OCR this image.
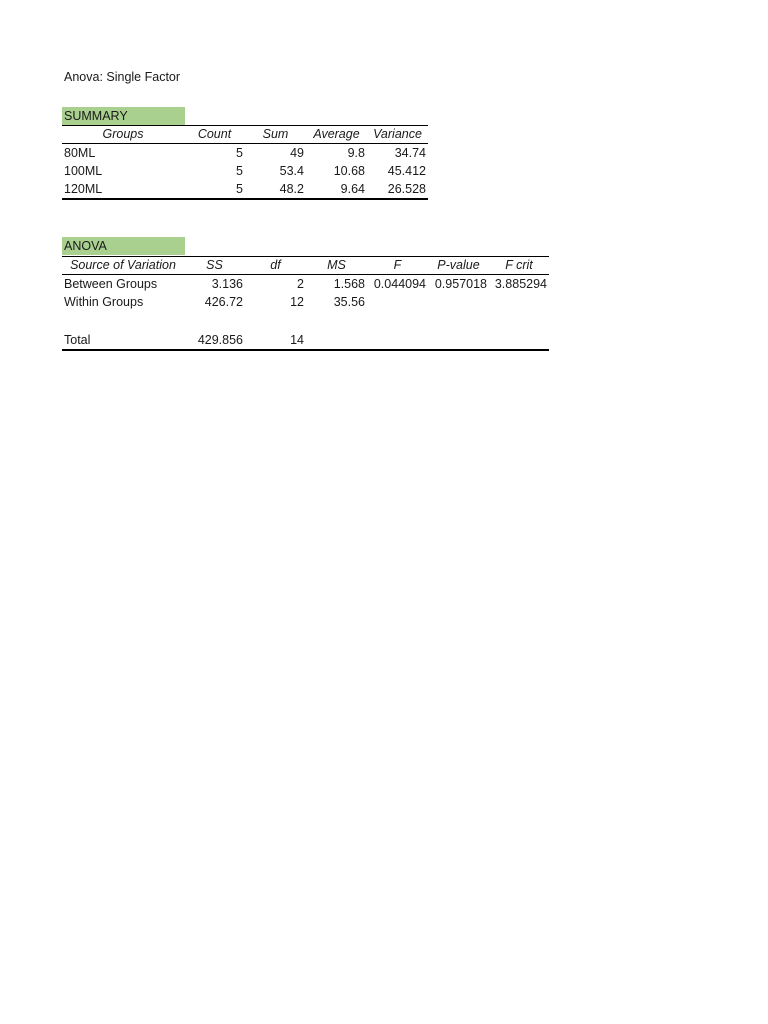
Anova: Single Factor
SUMMARY
Groups	Count	Sum	Average	Variance
80ML	5	49	9.8	34.74
100ML	5	53.4	10.68	45.412
120ML	5	48.2	9.64	26.528
ANOVA
Source of Variation	SS	df	MS	F	P-value	F crit
Between Groups	3.136	2	1.568	0.044094	0.957018	3.885294
Within Groups	426.72	12	35.56			

Total	429.856	14				
